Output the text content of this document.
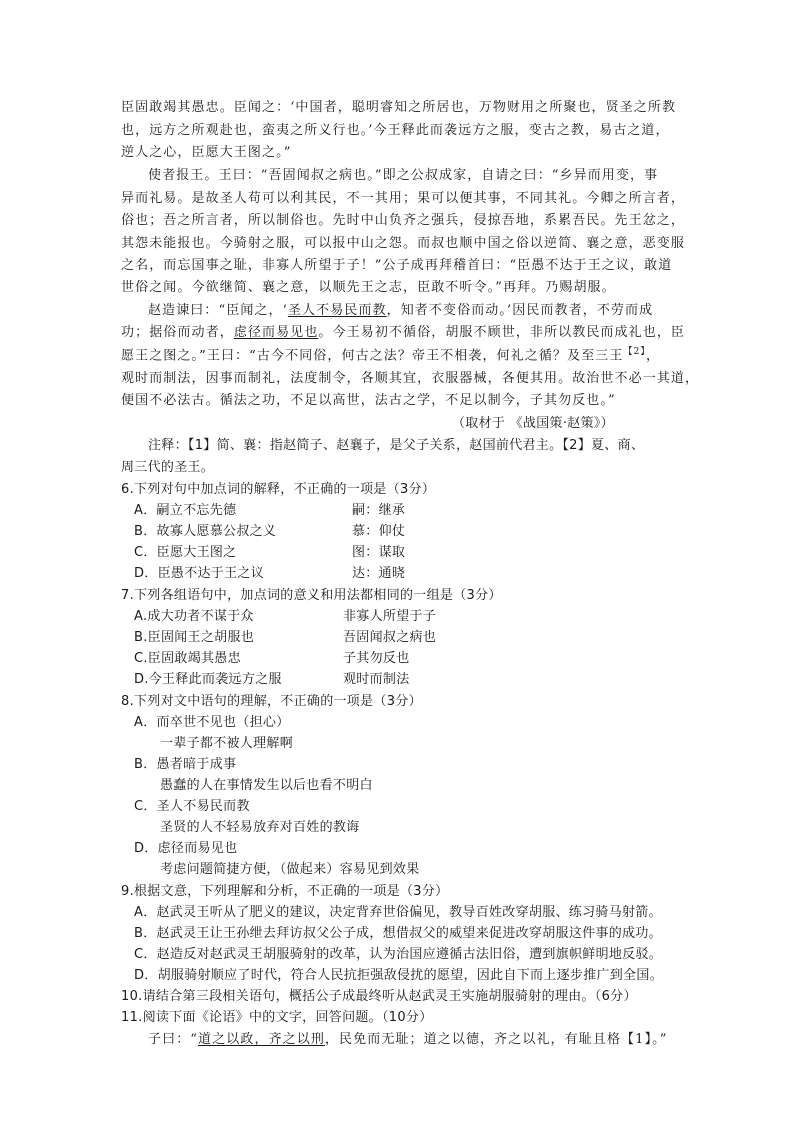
臣固敢竭其愚忠。臣闻之：‘中国者，聪明睿知之所居也，万物财用之所聚也，贤圣之所教
也，远方之所观赴也，蛮夷之所义行也。’今王释此而袭远方之服，变古之教，易古之道，
逆人之心，臣愿大王图之。”
使者报王。王曰：“吾固闻叔之病也。”即之公叔成家，自请之曰：“乡异而用变，事
异而礼易。是故圣人苟可以利其民，不一其用；果可以便其事，不同其礼。今卿之所言者，
俗也；吾之所言者，所以制俗也。先时中山负齐之强兵，侵掠吾地，系累吾民。先王忿之，
其怨未能报也。今骑射之服，可以报中山之怨。而叔也顺中国之俗以逆简、襄之意，恶变服
之名，而忘国事之耻，非寡人所望于子！”公子成再拜稽首曰：“臣愚不达于王之议，敢道
世俗之闻。今欲继简、襄之意，以顺先王之志，臣敢不听令。”再拜。乃赐胡服。
赵造谏曰：“臣闻之，‘圣人不易民而教，知者不变俗而动。’因民而教者，不劳而成
功；据俗而动者，虑径而易见也。今王易初不循俗，胡服不顾世，非所以教民而成礼也，臣
愿王之图之。”王曰：“古今不同俗，何古之法？帝王不相袭，何礼之循？及至三王$^{【2】}$，
观时而制法，因事而制礼，法度制令，各顺其宜，衣服器械，各便其用。故治世不必一其道，
便国不必法古。循法之功，不足以高世，法古之学，不足以制今，子其勿反也。”
（取材于 《战国策·赵策》）
注释：【1】简、襄：指赵简子、赵襄子，是父子关系，赵国前代君主。【2】夏、商、
周三代的圣王。
6.下列对句中加点词的解释，不正确的一项是（3分）
A．嗣立不忘先德	嗣：继承
B．故寡人愿慕公叔之义	慕：仰仗
C．臣愿大王图之	图：谋取
D．臣愚不达于王之议	达：通晓
7.下列各组语句中，加点词的意义和用法都相同的一组是（3分）
A.成大功者不谋于众	非寡人所望于子
B.臣固闻王之胡服也	吾固闻叔之病也
C.臣固敢竭其愚忠	子其勿反也
D.今王释此而袭远方之服	观时而制法
8.下列对文中语句的理解，不正确的一项是（3分）
A．而卒世不见也（担心）
一辈子都不被人理解啊
B．愚者暗于成事
愚蠢的人在事情发生以后也看不明白
C．圣人不易民而教
圣贤的人不轻易放弃对百姓的教诲
D．虑径而易见也
考虑问题简捷方便，（做起来）容易见到效果
9.根据文意，下列理解和分析，不正确的一项是（3分）
A．赵武灵王听从了肥义的建议，决定背弃世俗偏见，教导百姓改穿胡服、练习骑马射箭。
B．赵武灵王让王孙绁去拜访叔父公子成，想借叔父的威望来促进改穿胡服这件事的成功。
C．赵造反对赵武灵王胡服骑射的改革，认为治国应遵循古法旧俗，遭到旗帜鲜明地反驳。
D．胡服骑射顺应了时代，符合人民抗拒强敌侵扰的愿望，因此自下而上逐步推广到全国。
10.请结合第三段相关语句，概括公子成最终听从赵武灵王实施胡服骑射的理由。（6分）
11.阅读下面《论语》中的文字，回答问题。（10分）
子曰：“道之以政，齐之以刑，民免而无耻；道之以德，齐之以礼，有耻且格【1】。”
